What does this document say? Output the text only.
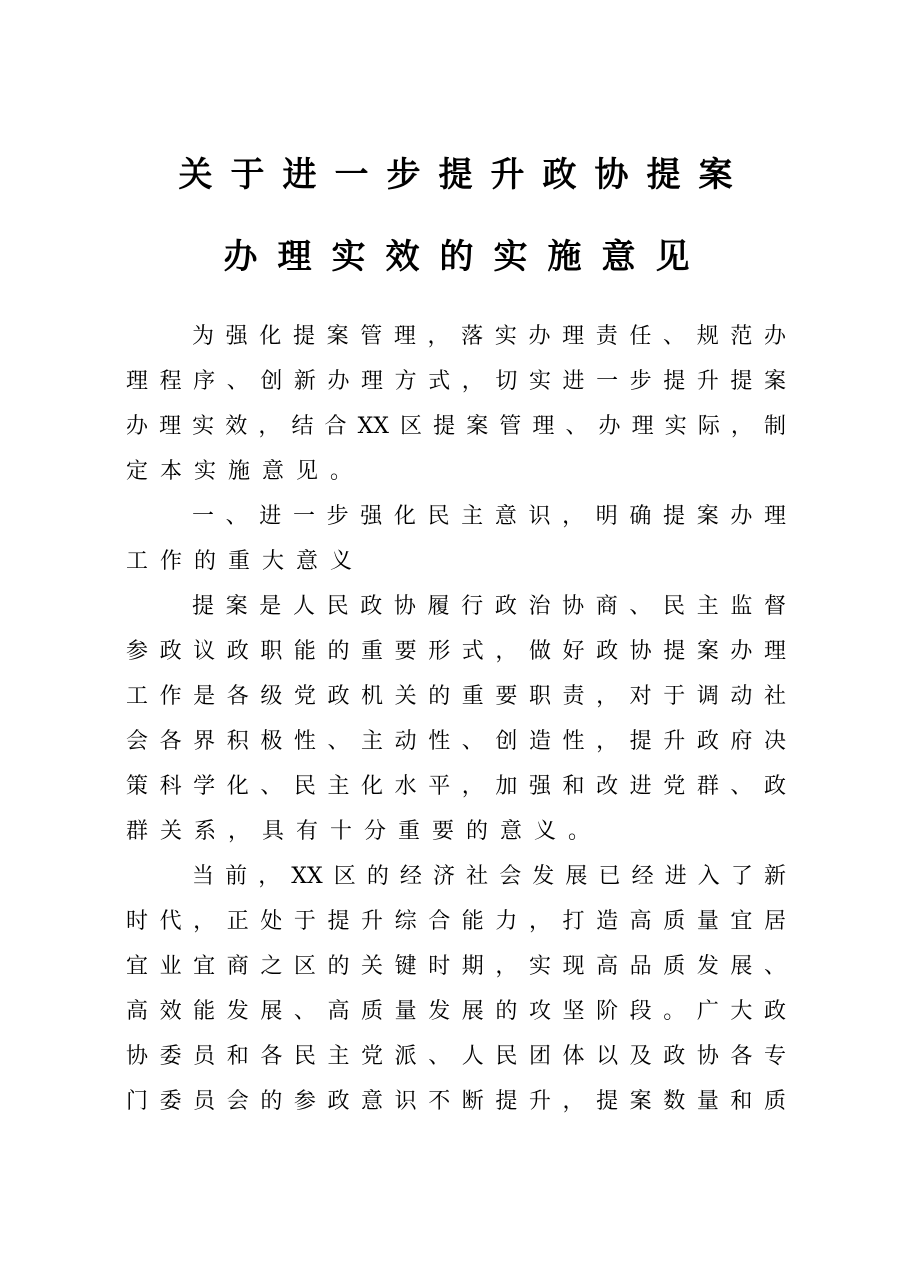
关于进一步提升政协提案
办理实效的实施意见
为强化提案管理，落实办理责任、规范办
理程序、创新办理方式，切实进一步提升提案
办理实效，结合XX区提案管理、办理实际，制
定本实施意见。
一、进一步强化民主意识，明确提案办理
工作的重大意义
提案是人民政协履行政治协商、民主监督
参政议政职能的重要形式，做好政协提案办理
工作是各级党政机关的重要职责，对于调动社
会各界积极性、主动性、创造性，提升政府决
策科学化、民主化水平，加强和改进党群、政
群关系，具有十分重要的意义。
当前，XX区的经济社会发展已经进入了新
时代，正处于提升综合能力，打造高质量宜居
宜业宜商之区的关键时期，实现高品质发展、
高效能发展、高质量发展的攻坚阶段。广大政
协委员和各民主党派、人民团体以及政协各专
门委员会的参政意识不断提升，提案数量和质
